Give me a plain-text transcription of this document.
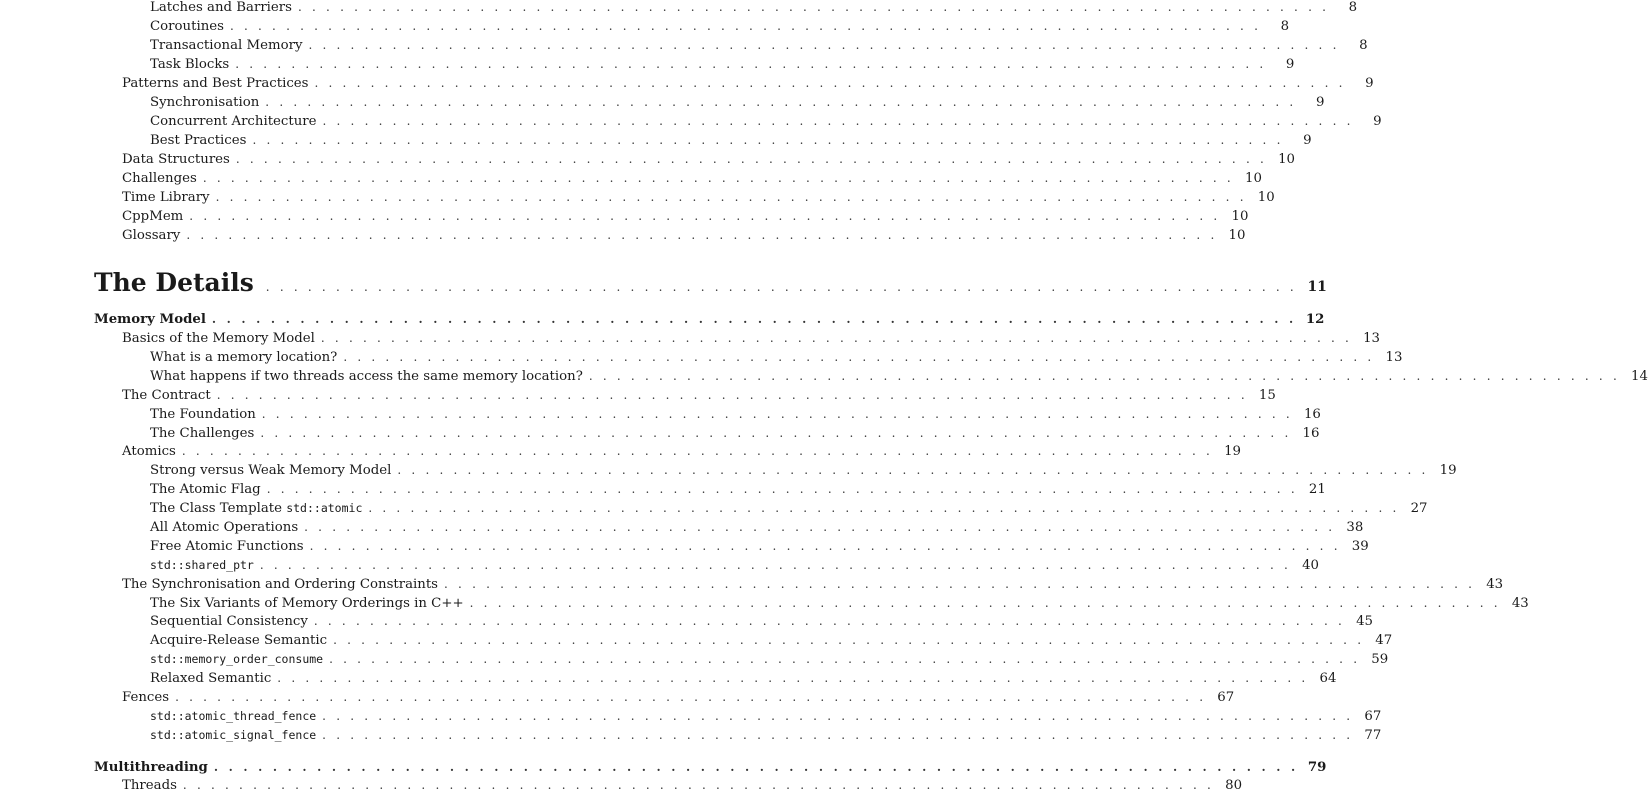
Latches and Barriers . . . . . . . . . . . . . . . . . . . . . . . . . . . . . . . . . . . . . . . . . . . . . . . . . . . . . . . . . . . . . . . . . . . . . . . . . .	8
Coroutines . . . . . . . . . . . . . . . . . . . . . . . . . . . . . . . . . . . . . . . . . . . . . . . . . . . . . . . . . . . . . . . . . . . . . . . . . .	8
Transactional Memory . . . . . . . . . . . . . . . . . . . . . . . . . . . . . . . . . . . . . . . . . . . . . . . . . . . . . . . . . . . . . . . . . . . . . . . . . .	8
Task Blocks . . . . . . . . . . . . . . . . . . . . . . . . . . . . . . . . . . . . . . . . . . . . . . . . . . . . . . . . . . . . . . . . . . . . . . . . . .	9
Patterns and Best Practices . . . . . . . . . . . . . . . . . . . . . . . . . . . . . . . . . . . . . . . . . . . . . . . . . . . . . . . . . . . . . . . . . . . . . . . . . .	9
Synchronisation . . . . . . . . . . . . . . . . . . . . . . . . . . . . . . . . . . . . . . . . . . . . . . . . . . . . . . . . . . . . . . . . . . . . . . . . . .	9
Concurrent Architecture . . . . . . . . . . . . . . . . . . . . . . . . . . . . . . . . . . . . . . . . . . . . . . . . . . . . . . . . . . . . . . . . . . . . . . . . . .	9
Best Practices . . . . . . . . . . . . . . . . . . . . . . . . . . . . . . . . . . . . . . . . . . . . . . . . . . . . . . . . . . . . . . . . . . . . . . . . . .	9
Data Structures . . . . . . . . . . . . . . . . . . . . . . . . . . . . . . . . . . . . . . . . . . . . . . . . . . . . . . . . . . . . . . . . . . . . . . . . . . 10
Challenges . . . . . . . . . . . . . . . . . . . . . . . . . . . . . . . . . . . . . . . . . . . . . . . . . . . . . . . . . . . . . . . . . . . . . . . . . . 10
Time Library . . . . . . . . . . . . . . . . . . . . . . . . . . . . . . . . . . . . . . . . . . . . . . . . . . . . . . . . . . . . . . . . . . . . . . . . . . 10
CppMem . . . . . . . . . . . . . . . . . . . . . . . . . . . . . . . . . . . . . . . . . . . . . . . . . . . . . . . . . . . . . . . . . . . . . . . . . . 10
Glossary . . . . . . . . . . . . . . . . . . . . . . . . . . . . . . . . . . . . . . . . . . . . . . . . . . . . . . . . . . . . . . . . . . . . . . . . . . 10
The Details . . . . . . . . . . . . . . . . . . . . . . . . . . . . . . . . . . . . . . . . . . . . . . . . . . . . . . . . . . . . . . . . . . . . . . . . . . 11
Memory Model . . . . . . . . . . . . . . . . . . . . . . . . . . . . . . . . . . . . . . . . . . . . . . . . . . . . . . . . . . . . . . . . . . . . . . . . . . 12
Basics of the Memory Model . . . . . . . . . . . . . . . . . . . . . . . . . . . . . . . . . . . . . . . . . . . . . . . . . . . . . . . . . . . . . . . . . . . . . . . . . . 13
What is a memory location? . . . . . . . . . . . . . . . . . . . . . . . . . . . . . . . . . . . . . . . . . . . . . . . . . . . . . . . . . . . . . . . . . . . . . . . . . . 13
What happens if two threads access the same memory location? . . . . . . . . . . . . . . . . . . . . . . . . . . . . . . . . . . . . . . . . . . . . . . . . . . . . . . . . . . . . . . . . . . . . . . . . . . 14
The Contract . . . . . . . . . . . . . . . . . . . . . . . . . . . . . . . . . . . . . . . . . . . . . . . . . . . . . . . . . . . . . . . . . . . . . . . . . . 15
The Foundation . . . . . . . . . . . . . . . . . . . . . . . . . . . . . . . . . . . . . . . . . . . . . . . . . . . . . . . . . . . . . . . . . . . . . . . . . . 16
The Challenges . . . . . . . . . . . . . . . . . . . . . . . . . . . . . . . . . . . . . . . . . . . . . . . . . . . . . . . . . . . . . . . . . . . . . . . . . . 16
Atomics . . . . . . . . . . . . . . . . . . . . . . . . . . . . . . . . . . . . . . . . . . . . . . . . . . . . . . . . . . . . . . . . . . . . . . . . . . 19
Strong versus Weak Memory Model . . . . . . . . . . . . . . . . . . . . . . . . . . . . . . . . . . . . . . . . . . . . . . . . . . . . . . . . . . . . . . . . . . . . . . . . . . 19
The Atomic Flag . . . . . . . . . . . . . . . . . . . . . . . . . . . . . . . . . . . . . . . . . . . . . . . . . . . . . . . . . . . . . . . . . . . . . . . . . . 21
The Class Template std::atomic . . . . . . . . . . . . . . . . . . . . . . . . . . . . . . . . . . . . . . . . . . . . . . . . . . . . . . . . . . . . . . . . . . . . . . . . . . 27
All Atomic Operations . . . . . . . . . . . . . . . . . . . . . . . . . . . . . . . . . . . . . . . . . . . . . . . . . . . . . . . . . . . . . . . . . . . . . . . . . . 38
Free Atomic Functions . . . . . . . . . . . . . . . . . . . . . . . . . . . . . . . . . . . . . . . . . . . . . . . . . . . . . . . . . . . . . . . . . . . . . . . . . . 39
std::shared_ptr . . . . . . . . . . . . . . . . . . . . . . . . . . . . . . . . . . . . . . . . . . . . . . . . . . . . . . . . . . . . . . . . . . . . . . . . . . 40
The Synchronisation and Ordering Constraints . . . . . . . . . . . . . . . . . . . . . . . . . . . . . . . . . . . . . . . . . . . . . . . . . . . . . . . . . . . . . . . . . . . . . . . . . . 43
The Six Variants of Memory Orderings in C++ . . . . . . . . . . . . . . . . . . . . . . . . . . . . . . . . . . . . . . . . . . . . . . . . . . . . . . . . . . . . . . . . . . . . . . . . . . 43
Sequential Consistency . . . . . . . . . . . . . . . . . . . . . . . . . . . . . . . . . . . . . . . . . . . . . . . . . . . . . . . . . . . . . . . . . . . . . . . . . . 45
Acquire-Release Semantic . . . . . . . . . . . . . . . . . . . . . . . . . . . . . . . . . . . . . . . . . . . . . . . . . . . . . . . . . . . . . . . . . . . . . . . . . . 47
std::memory_order_consume . . . . . . . . . . . . . . . . . . . . . . . . . . . . . . . . . . . . . . . . . . . . . . . . . . . . . . . . . . . . . . . . . . . . . . . . . . 59
Relaxed Semantic . . . . . . . . . . . . . . . . . . . . . . . . . . . . . . . . . . . . . . . . . . . . . . . . . . . . . . . . . . . . . . . . . . . . . . . . . . 64
Fences . . . . . . . . . . . . . . . . . . . . . . . . . . . . . . . . . . . . . . . . . . . . . . . . . . . . . . . . . . . . . . . . . . . . . . . . . . 67
std::atomic_thread_fence . . . . . . . . . . . . . . . . . . . . . . . . . . . . . . . . . . . . . . . . . . . . . . . . . . . . . . . . . . . . . . . . . . . . . . . . . . 67
std::atomic_signal_fence . . . . . . . . . . . . . . . . . . . . . . . . . . . . . . . . . . . . . . . . . . . . . . . . . . . . . . . . . . . . . . . . . . . . . . . . . . 77
Multithreading . . . . . . . . . . . . . . . . . . . . . . . . . . . . . . . . . . . . . . . . . . . . . . . . . . . . . . . . . . . . . . . . . . . . . . . . . . 79
Threads . . . . . . . . . . . . . . . . . . . . . . . . . . . . . . . . . . . . . . . . . . . . . . . . . . . . . . . . . . . . . . . . . . . . . . . . . . 80
